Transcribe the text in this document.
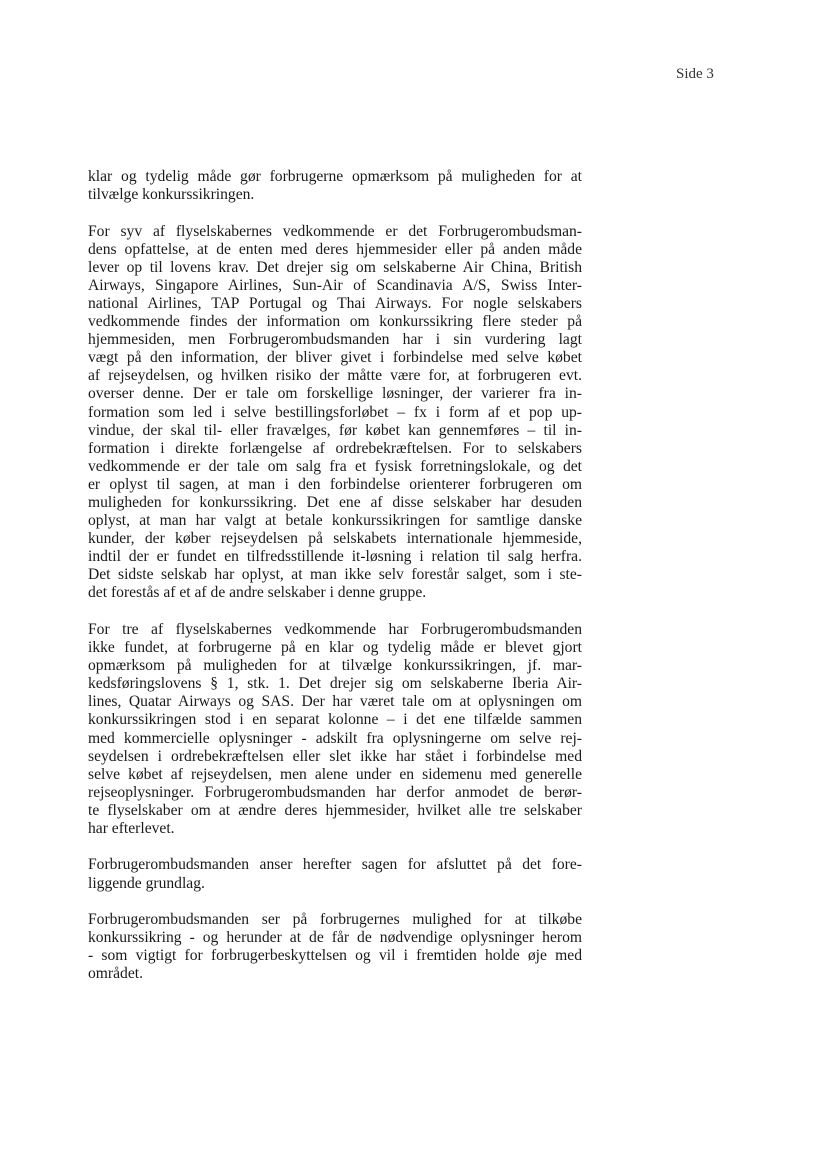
Side 3
klar og tydelig måde gør forbrugerne opmærksom på muligheden for at
tilvælge konkurssikringen.
For syv af flyselskabernes vedkommende er det Forbrugerombudsman-
dens opfattelse, at de enten med deres hjemmesider eller på anden måde
lever op til lovens krav. Det drejer sig om selskaberne Air China, British
Airways, Singapore Airlines, Sun-Air of Scandinavia A/S, Swiss Inter-
national Airlines, TAP Portugal og Thai Airways. For nogle selskabers
vedkommende findes der information om konkurssikring flere steder på
hjemmesiden, men Forbrugerombudsmanden har i sin vurdering lagt
vægt på den information, der bliver givet i forbindelse med selve købet
af rejseydelsen, og hvilken risiko der måtte være for, at forbrugeren evt.
overser denne. Der er tale om forskellige løsninger, der varierer fra in-
formation som led i selve bestillingsforløbet – fx i form af et pop up-
vindue, der skal til- eller fravælges, før købet kan gennemføres – til in-
formation i direkte forlængelse af ordrebekræftelsen. For to selskabers
vedkommende er der tale om salg fra et fysisk forretningslokale, og det
er oplyst til sagen, at man i den forbindelse orienterer forbrugeren om
muligheden for konkurssikring. Det ene af disse selskaber har desuden
oplyst, at man har valgt at betale konkurssikringen for samtlige danske
kunder, der køber rejseydelsen på selskabets internationale hjemmeside,
indtil der er fundet en tilfredsstillende it-løsning i relation til salg herfra.
Det sidste selskab har oplyst, at man ikke selv forestår salget, som i ste-
det forestås af et af de andre selskaber i denne gruppe.
For tre af flyselskabernes vedkommende har Forbrugerombudsmanden
ikke fundet, at forbrugerne på en klar og tydelig måde er blevet gjort
opmærksom på muligheden for at tilvælge konkurssikringen, jf. mar-
kedsføringslovens § 1, stk. 1. Det drejer sig om selskaberne Iberia Air-
lines, Quatar Airways og SAS. Der har været tale om at oplysningen om
konkurssikringen stod i en separat kolonne – i det ene tilfælde sammen
med kommercielle oplysninger - adskilt fra oplysningerne om selve rej-
seydelsen i ordrebekræftelsen eller slet ikke har stået i forbindelse med
selve købet af rejseydelsen, men alene under en sidemenu med generelle
rejseoplysninger. Forbrugerombudsmanden har derfor anmodet de berør-
te flyselskaber om at ændre deres hjemmesider, hvilket alle tre selskaber
har efterlevet.
Forbrugerombudsmanden anser herefter sagen for afsluttet på det fore-
liggende grundlag.
Forbrugerombudsmanden ser på forbrugernes mulighed for at tilkøbe
konkurssikring - og herunder at de får de nødvendige oplysninger herom
- som vigtigt for forbrugerbeskyttelsen og vil i fremtiden holde øje med
området.
